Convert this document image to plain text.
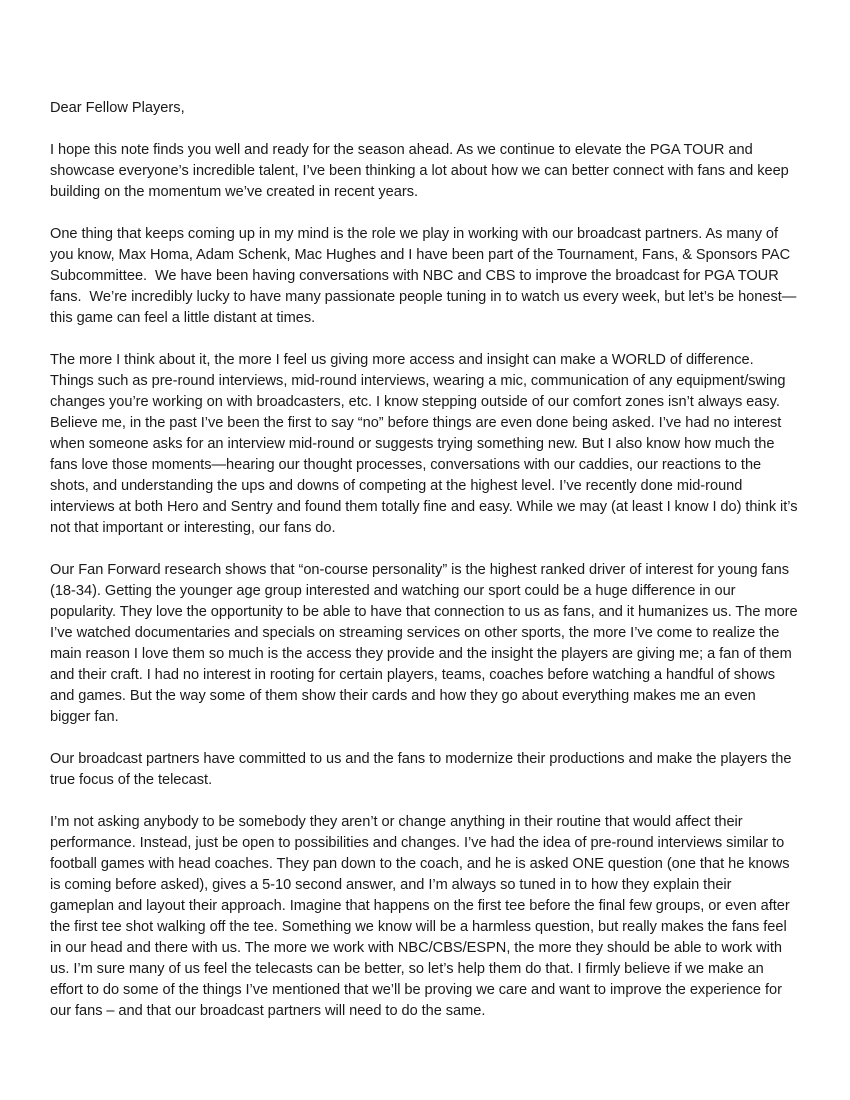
Dear Fellow Players,

I hope this note finds you well and ready for the season ahead. As we continue to elevate the PGA TOUR and showcase everyone’s incredible talent, I’ve been thinking a lot about how we can better connect with fans and keep building on the momentum we’ve created in recent years.

One thing that keeps coming up in my mind is the role we play in working with our broadcast partners. As many of you know, Max Homa, Adam Schenk, Mac Hughes and I have been part of the Tournament, Fans, & Sponsors PAC Subcommittee.  We have been having conversations with NBC and CBS to improve the broadcast for PGA TOUR fans.  We’re incredibly lucky to have many passionate people tuning in to watch us every week, but let’s be honest—this game can feel a little distant at times.

The more I think about it, the more I feel us giving more access and insight can make a WORLD of difference. Things such as pre-round interviews, mid-round interviews, wearing a mic, communication of any equipment/swing changes you’re working on with broadcasters, etc. I know stepping outside of our comfort zones isn’t always easy. Believe me, in the past I’ve been the first to say “no” before things are even done being asked. I’ve had no interest when someone asks for an interview mid-round or suggests trying something new. But I also know how much the fans love those moments—hearing our thought processes, conversations with our caddies, our reactions to the shots, and understanding the ups and downs of competing at the highest level. I’ve recently done mid-round interviews at both Hero and Sentry and found them totally fine and easy. While we may (at least I know I do) think it’s not that important or interesting, our fans do.

Our Fan Forward research shows that “on-course personality” is the highest ranked driver of interest for young fans (18-34). Getting the younger age group interested and watching our sport could be a huge difference in our popularity. They love the opportunity to be able to have that connection to us as fans, and it humanizes us. The more I’ve watched documentaries and specials on streaming services on other sports, the more I’ve come to realize the main reason I love them so much is the access they provide and the insight the players are giving me; a fan of them and their craft. I had no interest in rooting for certain players, teams, coaches before watching a handful of shows and games. But the way some of them show their cards and how they go about everything makes me an even bigger fan.

Our broadcast partners have committed to us and the fans to modernize their productions and make the players the true focus of the telecast.

I’m not asking anybody to be somebody they aren’t or change anything in their routine that would affect their performance. Instead, just be open to possibilities and changes. I’ve had the idea of pre-round interviews similar to football games with head coaches. They pan down to the coach, and he is asked ONE question (one that he knows is coming before asked), gives a 5-10 second answer, and I’m always so tuned in to how they explain their gameplan and layout their approach. Imagine that happens on the first tee before the final few groups, or even after the first tee shot walking off the tee. Something we know will be a harmless question, but really makes the fans feel in our head and there with us. The more we work with NBC/CBS/ESPN, the more they should be able to work with us. I’m sure many of us feel the telecasts can be better, so let’s help them do that. I firmly believe if we make an effort to do some of the things I’ve mentioned that we’ll be proving we care and want to improve the experience for our fans – and that our broadcast partners will need to do the same.
